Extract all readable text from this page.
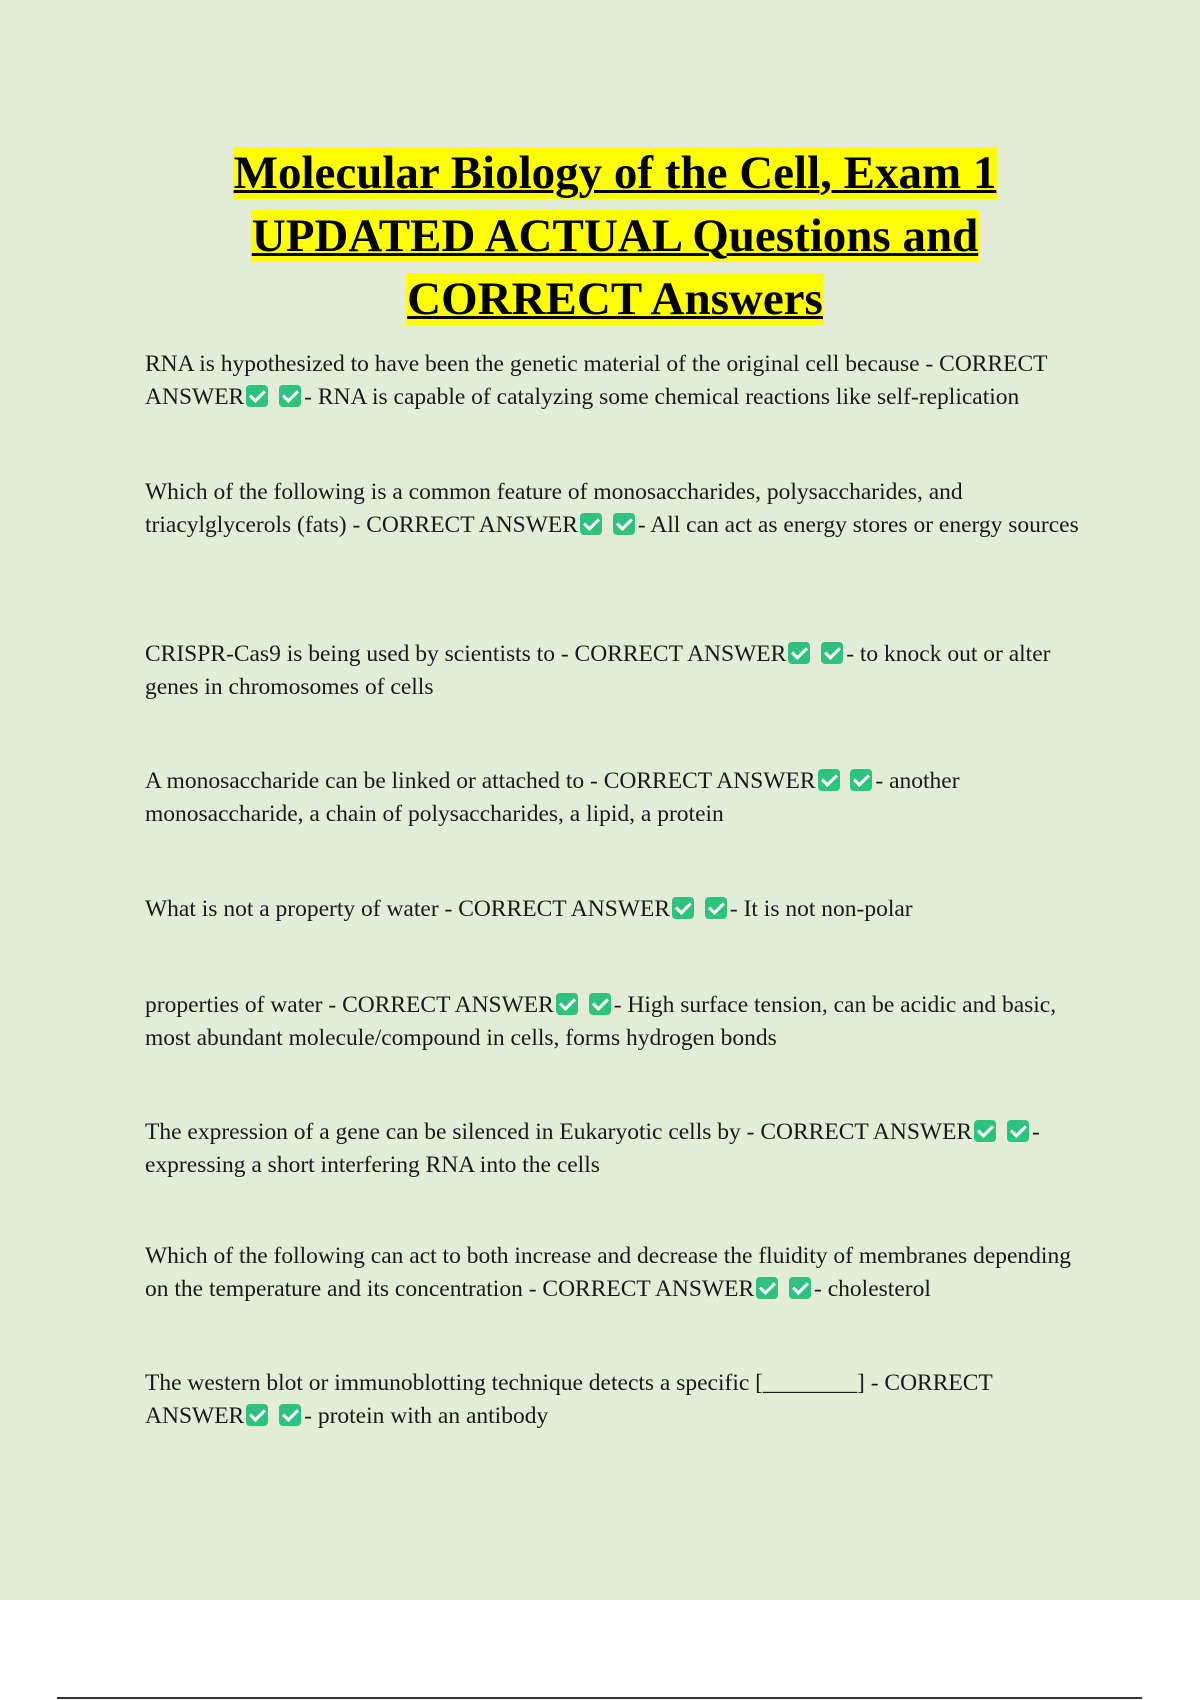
Molecular Biology of the Cell, Exam 1 UPDATED ACTUAL Questions and CORRECT Answers
RNA is hypothesized to have been the genetic material of the original cell because - CORRECT ANSWER	- RNA is capable of catalyzing some chemical reactions like self-replication
Which of the following is a common feature of monosaccharides, polysaccharides, and triacylglycerols (fats) - CORRECT ANSWER	- All can act as energy stores or energy sources
CRISPR-Cas9 is being used by scientists to - CORRECT ANSWER	- to knock out or alter genes in chromosomes of cells
A monosaccharide can be linked or attached to - CORRECT ANSWER	- another monosaccharide, a chain of polysaccharides, a lipid, a protein
What is not a property of water - CORRECT ANSWER	- It is not non-polar
properties of water - CORRECT ANSWER	- High surface tension, can be acidic and basic, most abundant molecule/compound in cells, forms hydrogen bonds
The expression of a gene can be silenced in Eukaryotic cells by - CORRECT ANSWER	- expressing a short interfering RNA into the cells
Which of the following can act to both increase and decrease the fluidity of membranes depending on the temperature and its concentration - CORRECT ANSWER	- cholesterol
The western blot or immunoblotting technique detects a specific [________] - CORRECT ANSWER	- protein with an antibody
